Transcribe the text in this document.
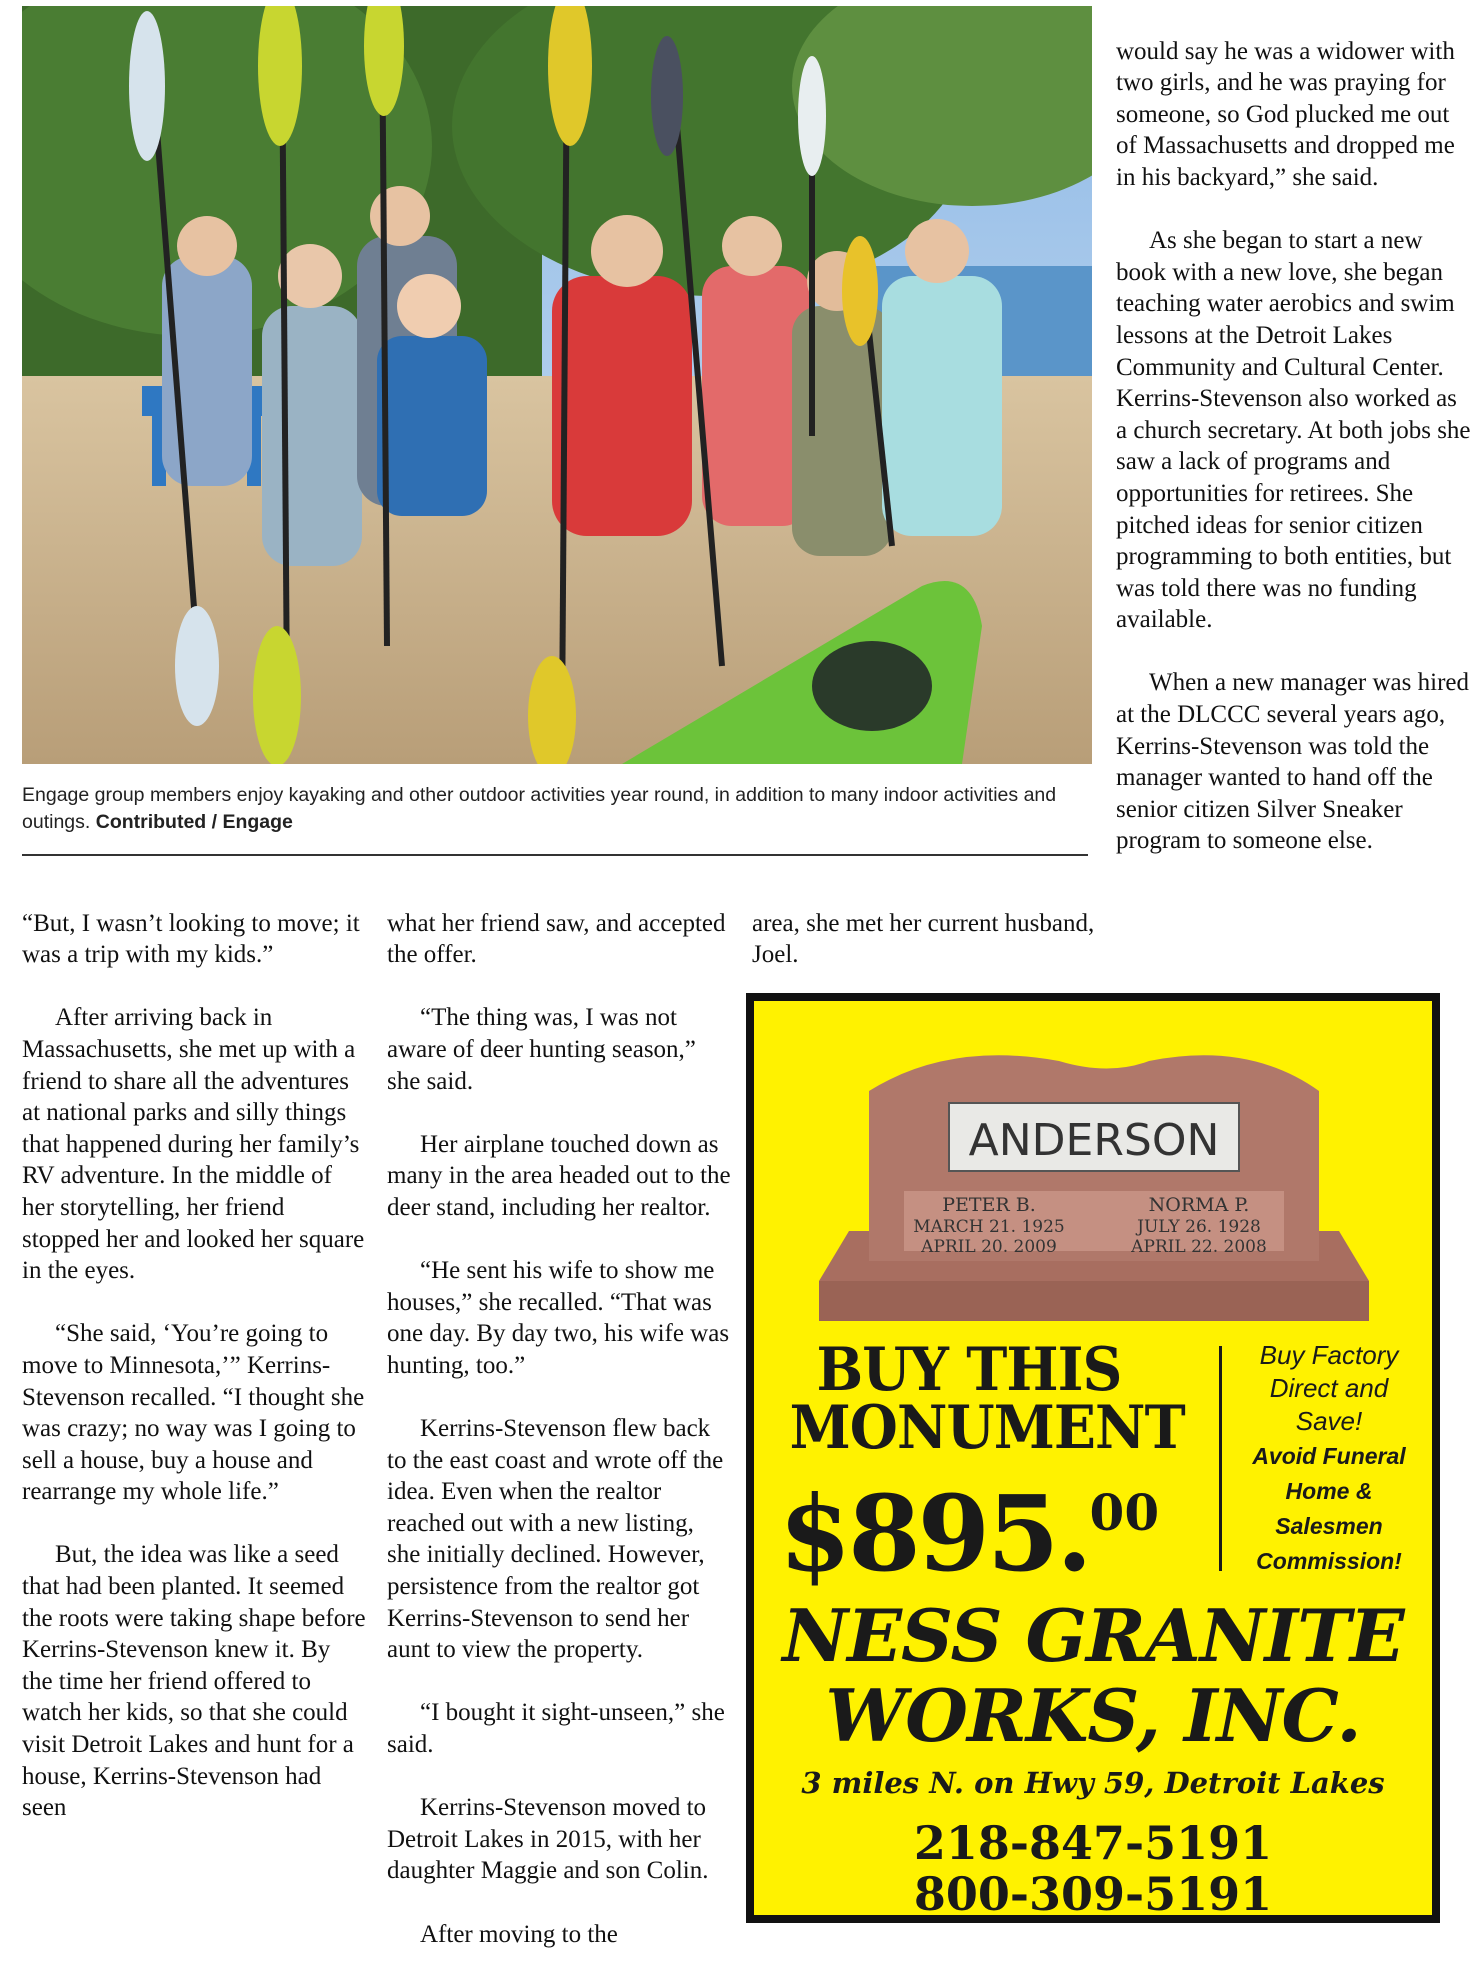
Engage group members enjoy kayaking and other outdoor activities year round, in addition to many indoor activities and outings. Contributed / Engage

“But, I wasn’t looking to move; it was a trip with my kids.”

After arriving back in Massachusetts, she met up with a friend to share all the adventures at national parks and silly things that happened during her family’s RV adventure. In the middle of her storytelling, her friend stopped her and looked her square in the eyes.

“She said, ‘You’re going to move to Minnesota,’” Kerrins-Stevenson recalled. “I thought she was crazy; no way was I going to sell a house, buy a house and rearrange my whole life.”

But, the idea was like a seed that had been planted. It seemed the roots were taking shape before Kerrins-Stevenson knew it. By the time her friend offered to watch her kids, so that she could visit Detroit Lakes and hunt for a house, Kerrins-Stevenson had seen

what her friend saw, and accepted the offer.

“The thing was, I was not aware of deer hunting season,” she said.

Her airplane touched down as many in the area headed out to the deer stand, including her realtor.

“He sent his wife to show me houses,” she recalled. “That was one day. By day two, his wife was hunting, too.”

Kerrins-Stevenson flew back to the east coast and wrote off the idea. Even when the realtor reached out with a new listing, she initially declined. However, persistence from the realtor got Kerrins-Stevenson to send her aunt to view the property.

“I bought it sight-unseen,” she said.

Kerrins-Stevenson moved to Detroit Lakes in 2015, with her daughter Maggie and son Colin.

After moving to the

area, she met her current husband, Joel.

would say he was a widower with two girls, and he was praying for someone, so God plucked me out of Massachusetts and dropped me in his backyard,” she said.

As she began to start a new book with a new love, she began teaching water aerobics and swim lessons at the Detroit Lakes Community and Cultural Center. Kerrins-Stevenson also worked as a church secretary. At both jobs she saw a lack of programs and opportunities for retirees. She pitched ideas for senior citizen programming to both entities, but was told there was no funding available.

When a new manager was hired at the DLCCC several years ago, Kerrins-Stevenson was told the manager wanted to hand off the senior citizen Silver Sneaker program to someone else.

ANDERSON
PETER B.
MARCH 21. 1925
APRIL 20. 2009
NORMA P.
JULY 26. 1928
APRIL 22. 2008
BUY THIS
MONUMENT
$895.00
Buy Factory
Direct and
Save!
Avoid Funeral
Home &
Salesmen
Commission!
NESS GRANITE
WORKS, INC.
3 miles N. on Hwy 59, Detroit Lakes
218-847-5191
800-309-5191
